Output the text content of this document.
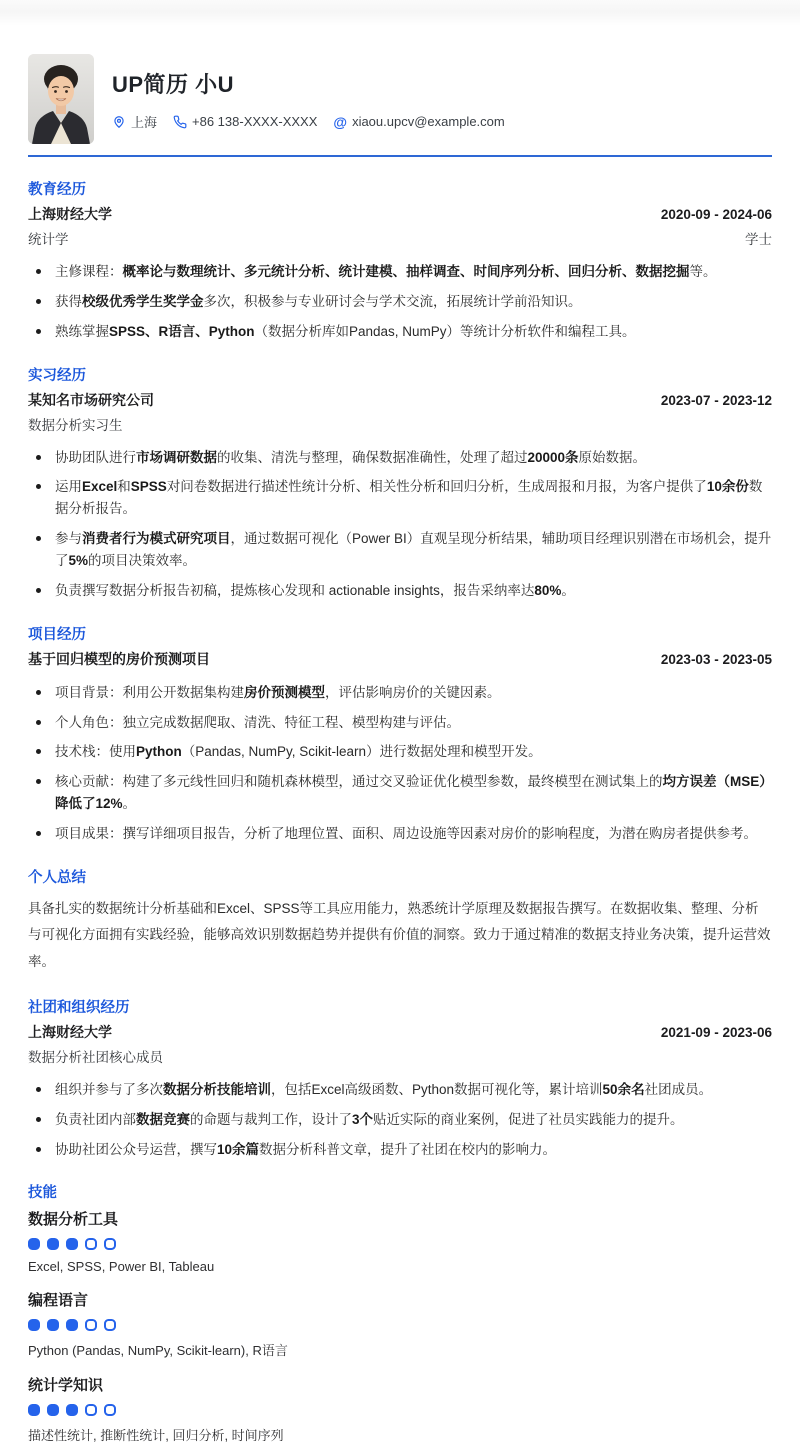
UP简历 小U
上海	+86 138-XXXX-XXXX @ xiaou.upcv@example.com
教育经历
上海财经大学	2020-09 - 2024-06
统计学	学士
主修课程：概率论与数理统计、多元统计分析、统计建模、抽样调查、时间序列分析、回归分析、数据挖掘等。
获得校级优秀学生奖学金多次，积极参与专业研讨会与学术交流，拓展统计学前沿知识。
熟练掌握SPSS、R语言、Python（数据分析库如Pandas, NumPy）等统计分析软件和编程工具。
实习经历
某知名市场研究公司	2023-07 - 2023-12
数据分析实习生
协助团队进行市场调研数据的收集、清洗与整理，确保数据准确性，处理了超过20000条原始数据。
运用Excel和SPSS对问卷数据进行描述性统计分析、相关性分析和回归分析，生成周报和月报，为客户提供了10余份数据分析报告。
参与消费者行为模式研究项目，通过数据可视化（Power BI）直观呈现分析结果，辅助项目经理识别潜在市场机会，提升了5%的项目决策效率。
负责撰写数据分析报告初稿，提炼核心发现和 actionable insights，报告采纳率达80%。
项目经历
基于回归模型的房价预测项目	2023-03 - 2023-05
项目背景：利用公开数据集构建房价预测模型，评估影响房价的关键因素。
个人角色：独立完成数据爬取、清洗、特征工程、模型构建与评估。
技术栈：使用Python（Pandas, NumPy, Scikit-learn）进行数据处理和模型开发。
核心贡献：构建了多元线性回归和随机森林模型，通过交叉验证优化模型参数，最终模型在测试集上的均方误差（MSE）降低了12%。
项目成果：撰写详细项目报告，分析了地理位置、面积、周边设施等因素对房价的影响程度，为潜在购房者提供参考。
个人总结
具备扎实的数据统计分析基础和Excel、SPSS等工具应用能力，熟悉统计学原理及数据报告撰写。在数据收集、整理、分析与可视化方面拥有实践经验，能够高效识别数据趋势并提供有价值的洞察。致力于通过精准的数据支持业务决策，提升运营效率。
社团和组织经历
上海财经大学	2021-09 - 2023-06
数据分析社团核心成员
组织并参与了多次数据分析技能培训，包括Excel高级函数、Python数据可视化等，累计培训50余名社团成员。
负责社团内部数据竞赛的命题与裁判工作，设计了3个贴近实际的商业案例，促进了社员实践能力的提升。
协助社团公众号运营，撰写10余篇数据分析科普文章，提升了社团在校内的影响力。
技能
数据分析工具
Excel, SPSS, Power BI, Tableau
编程语言
Python (Pandas, NumPy, Scikit-learn), R语言
统计学知识
描述性统计, 推断性统计, 回归分析, 时间序列
